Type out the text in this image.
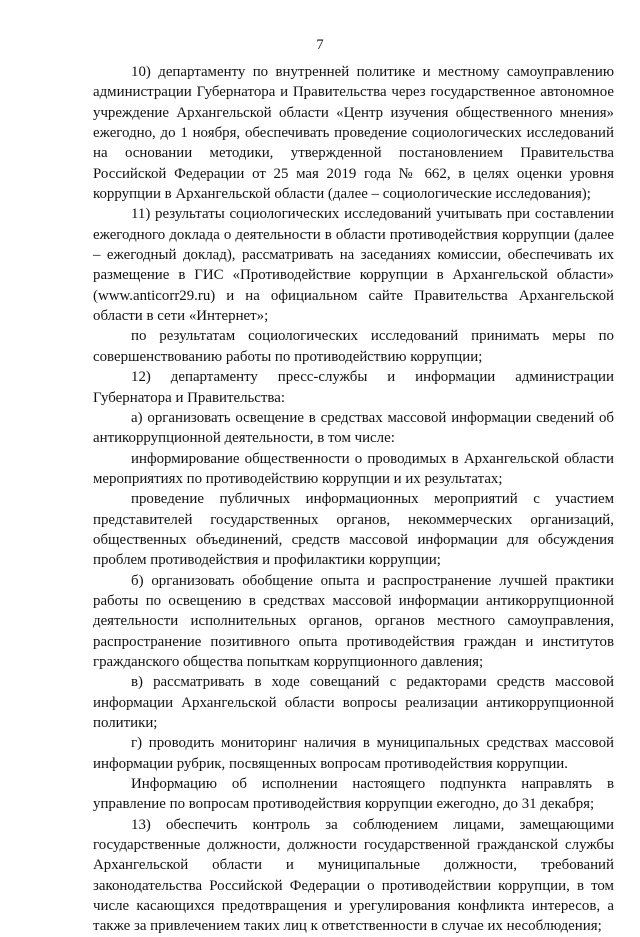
7

10) департаменту по внутренней политике и местному самоуправлению администрации Губернатора и Правительства через государственное автономное учреждение Архангельской области «Центр изучения общественного мнения» ежегодно, до 1 ноября, обеспечивать проведение социологических исследований на основании методики, утвержденной постановлением Правительства Российской Федерации от 25 мая 2019 года № 662, в целях оценки уровня коррупции в Архангельской области (далее – социологические исследования);

11) результаты социологических исследований учитывать при составлении ежегодного доклада о деятельности в области противодействия коррупции (далее – ежегодный доклад), рассматривать на заседаниях комиссии, обеспечивать их размещение в ГИС «Противодействие коррупции в Архангельской области» (www.anticorr29.ru) и на официальном сайте Правительства Архангельской области в сети «Интернет»;

по результатам социологических исследований принимать меры по совершенствованию работы по противодействию коррупции;

12) департаменту пресс-службы и информации администрации Губернатора и Правительства:

а) организовать освещение в средствах массовой информации сведений об антикоррупционной деятельности, в том числе:

информирование общественности о проводимых в Архангельской области мероприятиях по противодействию коррупции и их результатах;

проведение публичных информационных мероприятий с участием представителей государственных органов, некоммерческих организаций, общественных объединений, средств массовой информации для обсуждения проблем противодействия и профилактики коррупции;

б) организовать обобщение опыта и распространение лучшей практики работы по освещению в средствах массовой информации антикоррупционной деятельности исполнительных органов, органов местного самоуправления, распространение позитивного опыта противодействия граждан и институтов гражданского общества попыткам коррупционного давления;

в) рассматривать в ходе совещаний с редакторами средств массовой информации Архангельской области вопросы реализации антикоррупционной политики;

г) проводить мониторинг наличия в муниципальных средствах массовой информации рубрик, посвященных вопросам противодействия коррупции.

Информацию об исполнении настоящего подпункта направлять в управление по вопросам противодействия коррупции ежегодно, до 31 декабря;

13) обеспечить контроль за соблюдением лицами, замещающими государственные должности, должности государственной гражданской службы Архангельской области и муниципальные должности, требований законодательства Российской Федерации о противодействии коррупции, в том числе касающихся предотвращения и урегулирования конфликта интересов, а также за привлечением таких лиц к ответственности в случае их несоблюдения;
